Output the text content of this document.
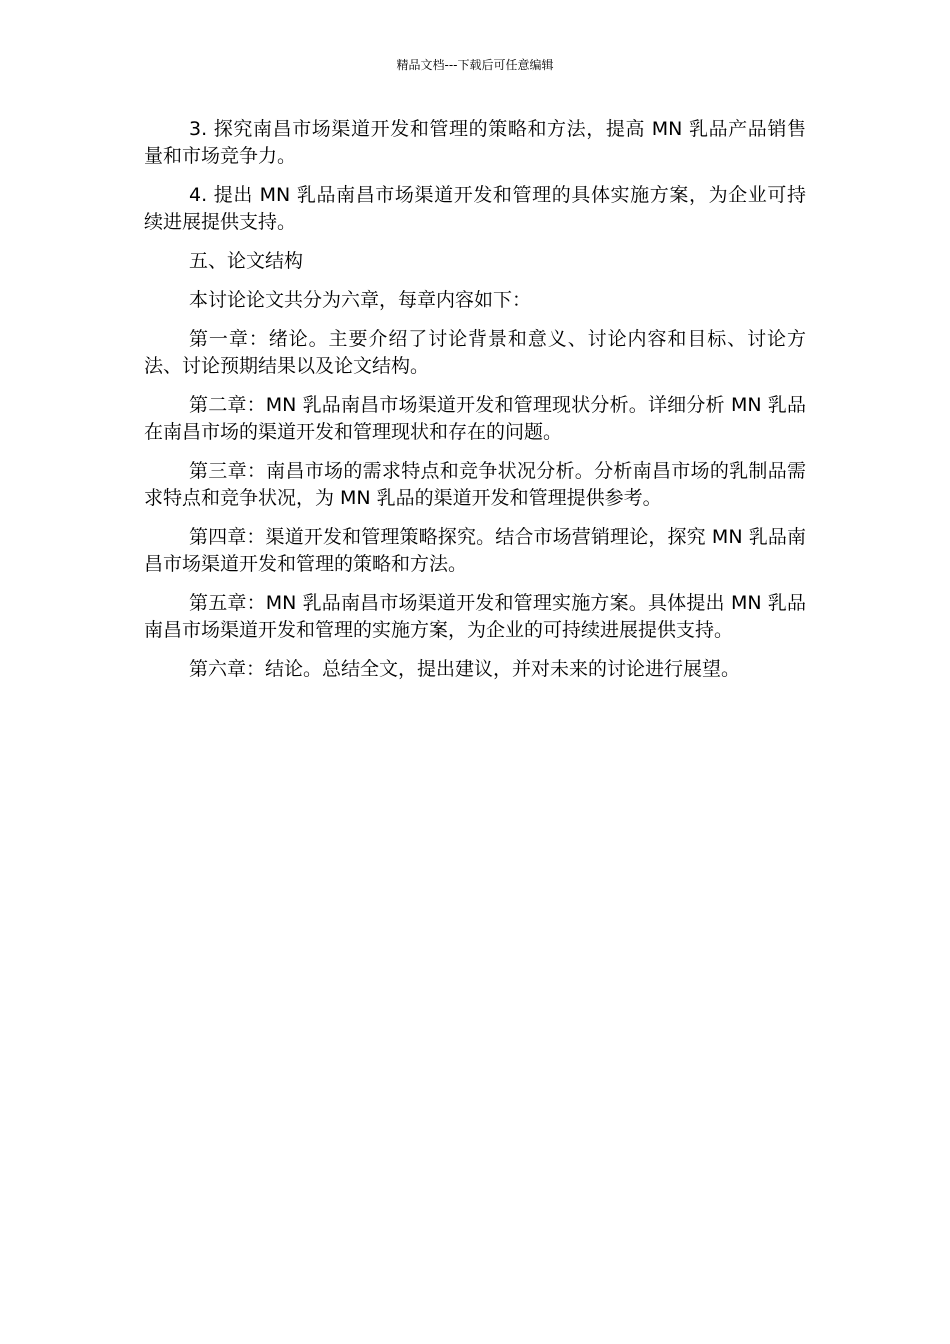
精品文档---下载后可任意编辑

3. 探究南昌市场渠道开发和管理的策略和方法，提高 MN 乳品产品销售量和市场竞争力。

4. 提出 MN 乳品南昌市场渠道开发和管理的具体实施方案，为企业可持续进展提供支持。

五、论文结构

本讨论论文共分为六章，每章内容如下：

第一章：绪论。主要介绍了讨论背景和意义、讨论内容和目标、讨论方法、讨论预期结果以及论文结构。

第二章：MN 乳品南昌市场渠道开发和管理现状分析。详细分析 MN 乳品在南昌市场的渠道开发和管理现状和存在的问题。

第三章：南昌市场的需求特点和竞争状况分析。分析南昌市场的乳制品需求特点和竞争状况，为 MN 乳品的渠道开发和管理提供参考。

第四章：渠道开发和管理策略探究。结合市场营销理论，探究 MN 乳品南昌市场渠道开发和管理的策略和方法。

第五章：MN 乳品南昌市场渠道开发和管理实施方案。具体提出 MN 乳品南昌市场渠道开发和管理的实施方案，为企业的可持续进展提供支持。

第六章：结论。总结全文，提出建议，并对未来的讨论进行展望。
